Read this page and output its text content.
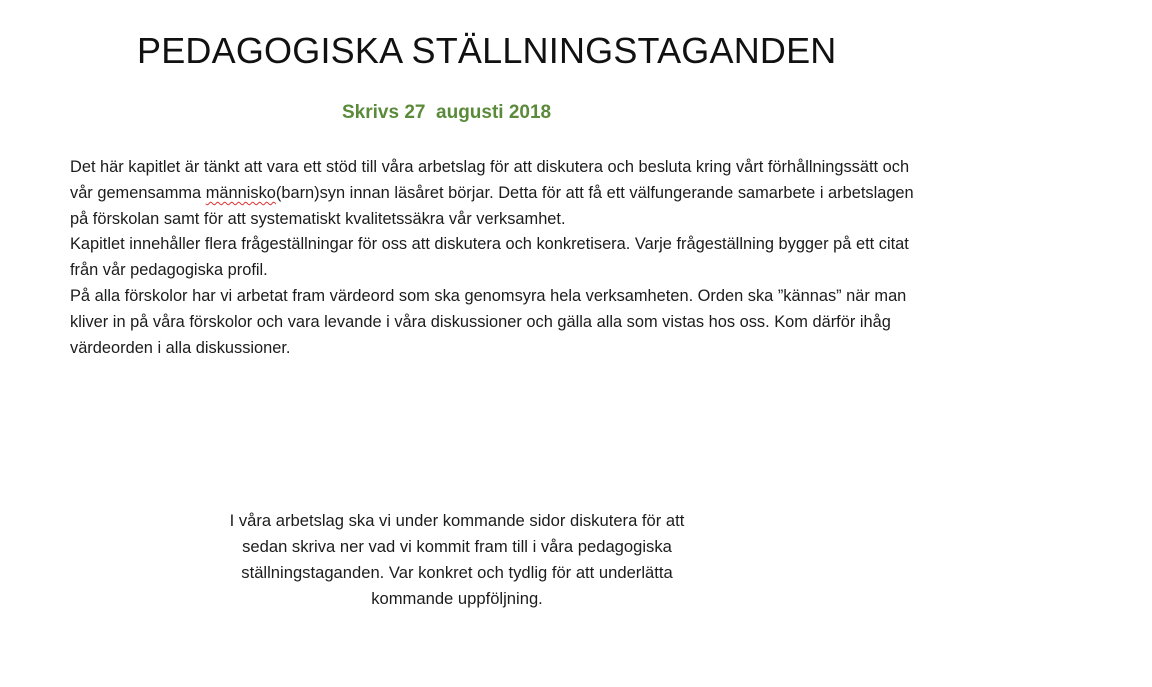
PEDAGOGISKA STÄLLNINGSTAGANDEN
Skrivs 27  augusti 2018

Det här kapitlet är tänkt att vara ett stöd till våra arbetslag för att diskutera och besluta kring vårt förhållningssätt och vår gemensamma människo(barn)syn innan läsåret börjar. Detta för att få ett välfungerande samarbete i arbetslagen på förskolan samt för att systematiskt kvalitetssäkra vår verksamhet.

Kapitlet innehåller flera frågeställningar för oss att diskutera och konkretisera. Varje frågeställning bygger på ett citat från vår pedagogiska profil.

På alla förskolor har vi arbetat fram värdeord som ska genomsyra hela verksamheten. Orden ska ”kännas” när man kliver in på våra förskolor och vara levande i våra diskussioner och gälla alla som vistas hos oss. Kom därför ihåg värdeorden i alla diskussioner.

I våra arbetslag ska vi under kommande sidor diskutera för att
sedan skriva ner vad vi kommit fram till i våra pedagogiska
ställningstaganden. Var konkret och tydlig för att underlätta
kommande uppföljning.
